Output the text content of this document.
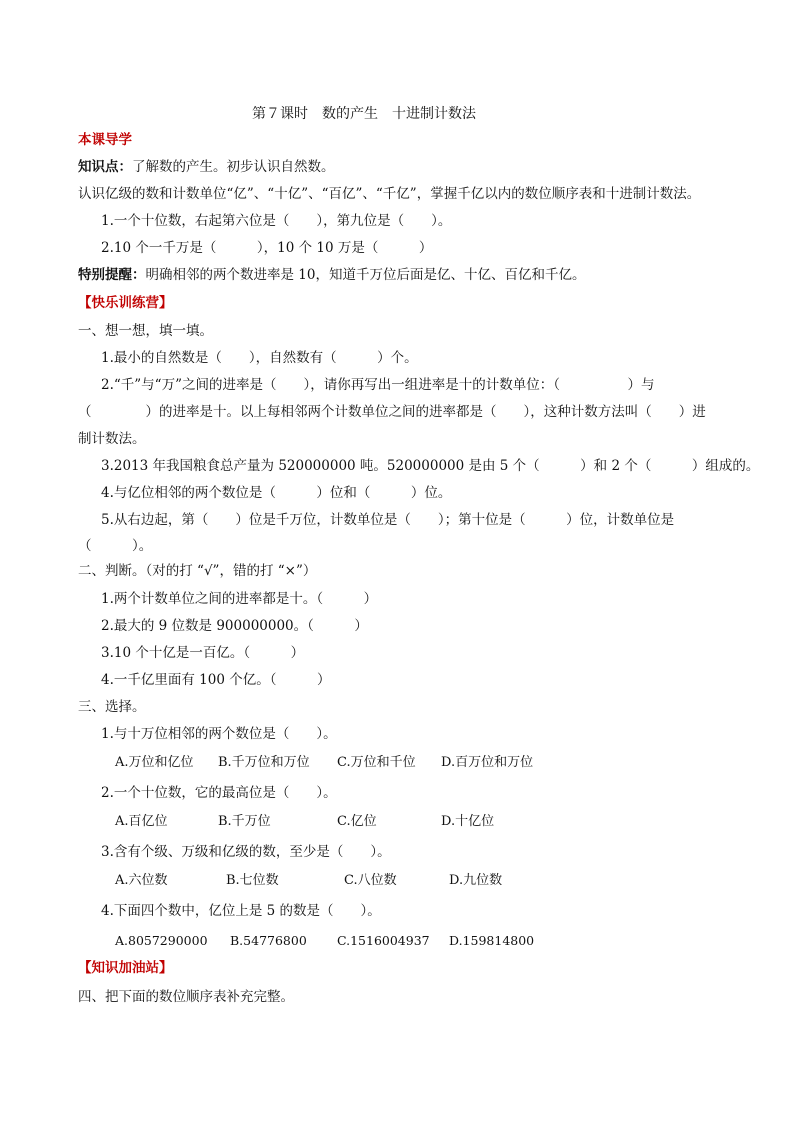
第７课时　数的产生　十进制计数法
本课导学
知识点：了解数的产生。初步认识自然数。
认识亿级的数和计数单位“亿”、“十亿”、“百亿”、“千亿”，掌握千亿以内的数位顺序表和十进制计数法。
1.一个十位数，右起第六位是（　　），第九位是（　　）。
2.10 个一千万是（　　　），10 个 10 万是（　　　）
特别提醒：明确相邻的两个数进率是 10，知道千万位后面是亿、十亿、百亿和千亿。
【快乐训练营】
一、想一想，填一填。
1.最小的自然数是（　　），自然数有（　　　）个。
2.“千”与“万”之间的进率是（　　），请你再写出一组进率是十的计数单位：（　　　　　）与
（　　　　）的进率是十。以上每相邻两个计数单位之间的进率都是（　　），这种计数方法叫（　　）进
制计数法。
3.2013 年我国粮食总产量为 520000000 吨。520000000 是由 5 个（　　　）和 2 个（　　　）组成的。
4.与亿位相邻的两个数位是（　　　）位和（　　　）位。
5.从右边起，第（　　）位是千万位，计数单位是（　　）；第十位是（　　　）位，计数单位是
（　　　）。
二、判断。（对的打 “√”，错的打 “×”）
1.两个计数单位之间的进率都是十。（　　　）
2.最大的 9 位数是 900000000。（　　　）
3.10 个十亿是一百亿。（　　　）
4.一千亿里面有 100 个亿。（　　　）
三、选择。
1.与十万位相邻的两个数位是（　　）。
A.万位和亿位 B.千万位和万位 C.万位和千位 D.百万位和万位
2.一个十位数，它的最高位是（　　）。
A.百亿位	B.千万位	C.亿位	D.十亿位
3.含有个级、万级和亿级的数，至少是（　　）。
A.六位数	B.七位数	C.八位数	D.九位数
4.下面四个数中，亿位上是 5 的数是（　　）。
A.8057290000 B.54776800 C.1516004937 D.159814800
【知识加油站】
四、把下面的数位顺序表补充完整。
